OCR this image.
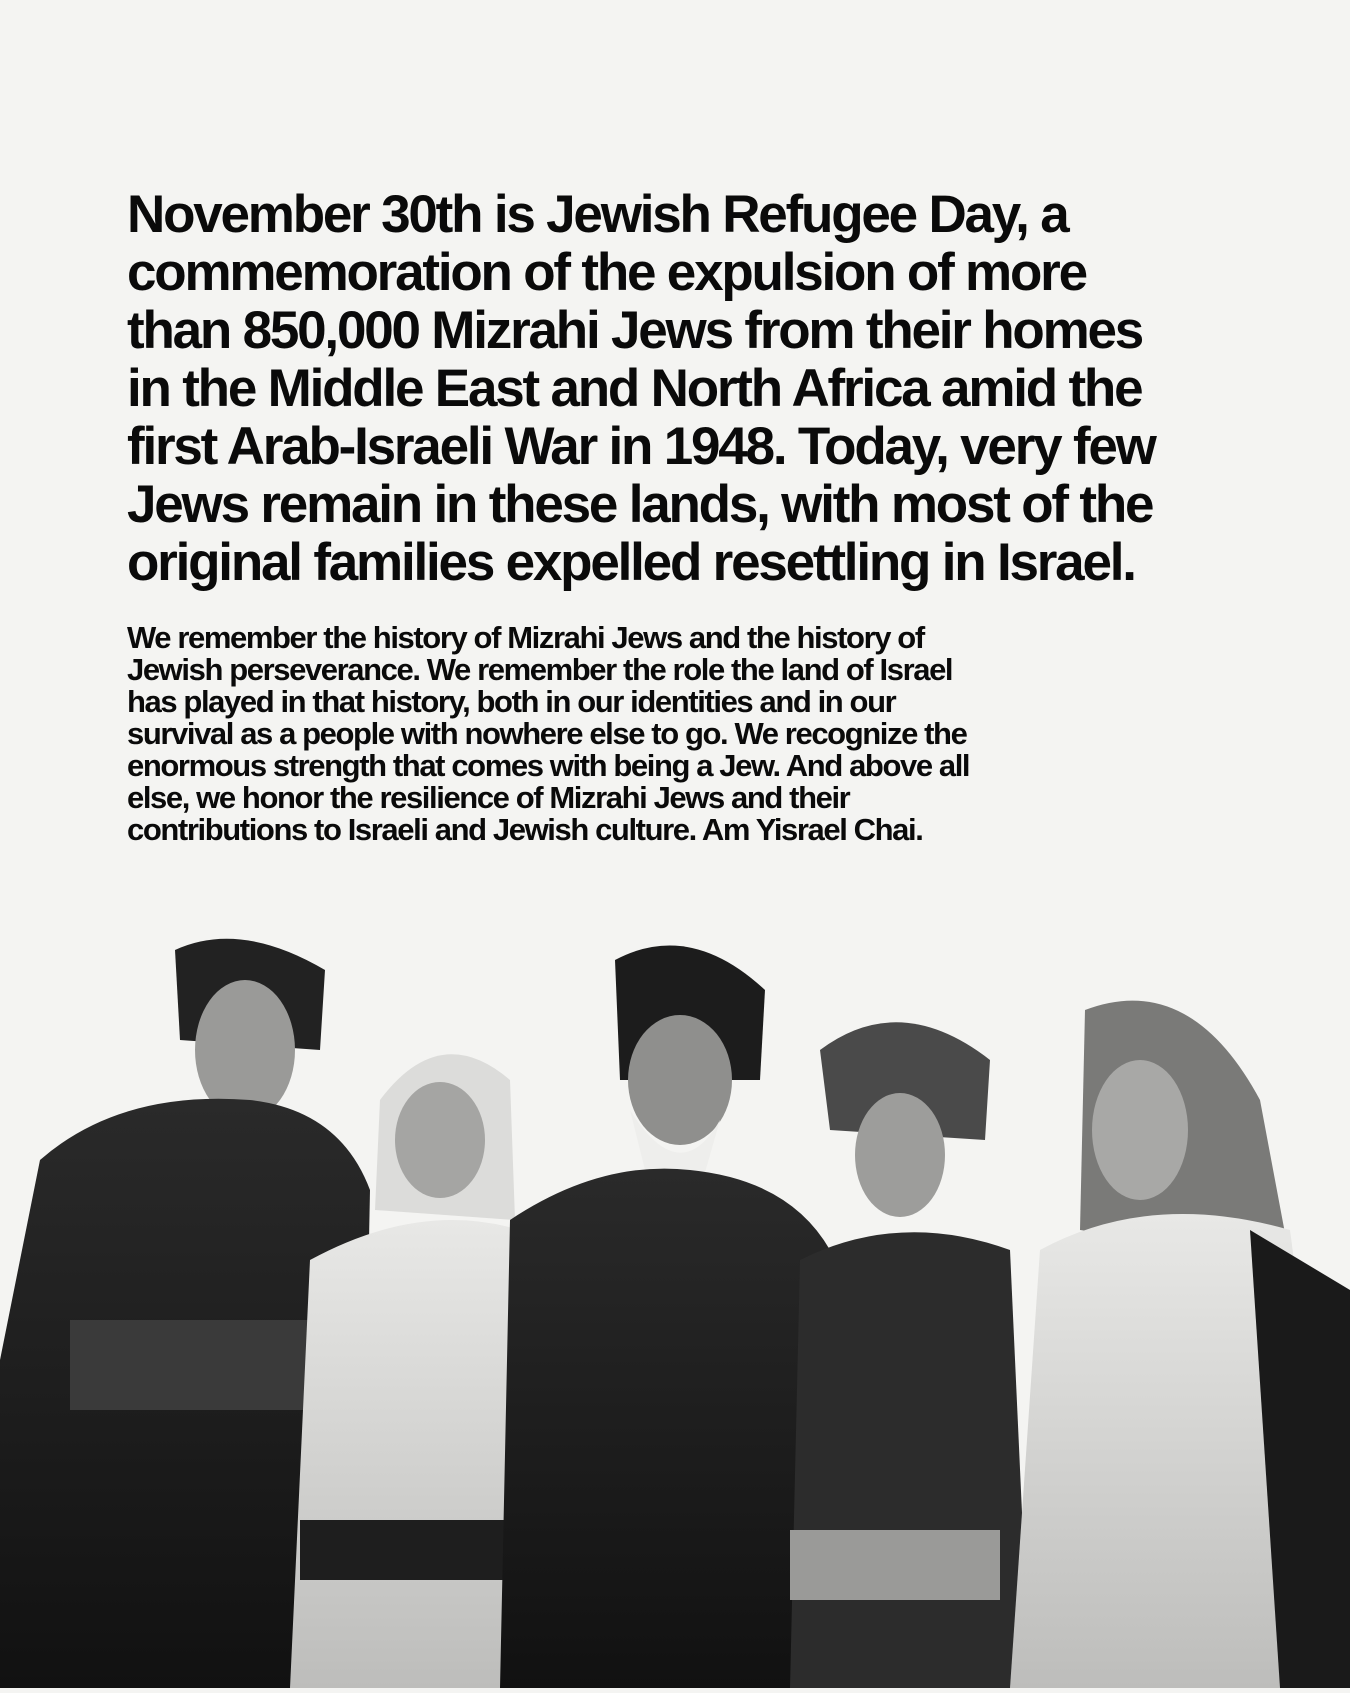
November 30th is Jewish Refugee Day, a
commemoration of the expulsion of more
than 850,000 Mizrahi Jews from their homes
in the Middle East and North Africa amid the
first Arab-Israeli War in 1948. Today, very few
Jews remain in these lands, with most of the
original families expelled resettling in Israel.
We remember the history of Mizrahi Jews and the history of
Jewish perseverance. We remember the role the land of Israel
has played in that history, both in our identities and in our
survival as a people with nowhere else to go. We recognize the
enormous strength that comes with being a Jew. And above all
else, we honor the resilience of Mizrahi Jews and their
contributions to Israeli and Jewish culture. Am Yisrael Chai.
